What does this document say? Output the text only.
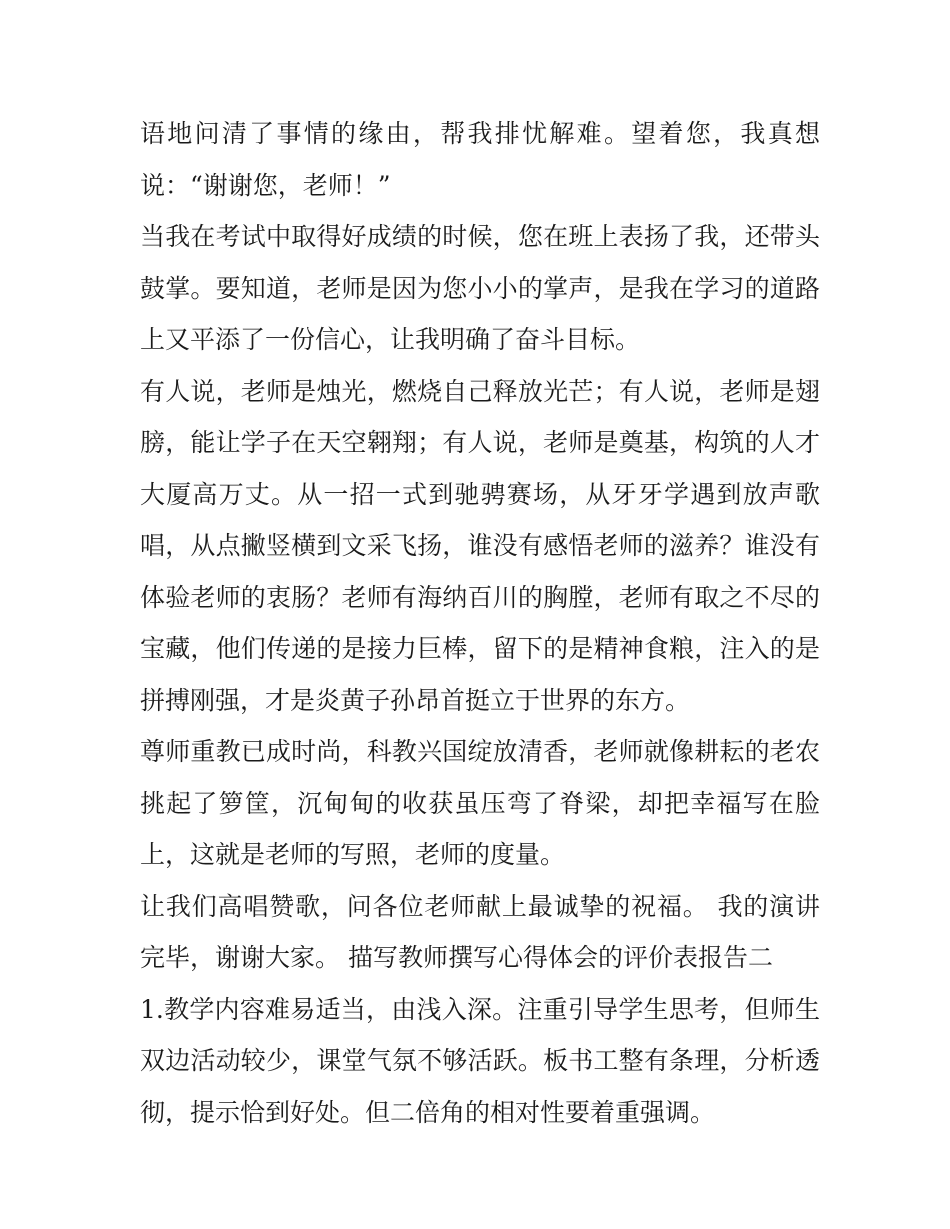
语地问清了事情的缘由，帮我排忧解难。望着您，我真想说：“谢谢您，老师！”

当我在考试中取得好成绩的时候，您在班上表扬了我，还带头鼓掌。要知道，老师是因为您小小的掌声，是我在学习的道路上又平添了一份信心，让我明确了奋斗目标。

有人说，老师是烛光，燃烧自己释放光芒；有人说，老师是翅膀，能让学子在天空翱翔；有人说，老师是奠基，构筑的人才大厦高万丈。从一招一式到驰骋赛场，从牙牙学遇到放声歌唱，从点撇竖横到文采飞扬，谁没有感悟老师的滋养？谁没有体验老师的衷肠？老师有海纳百川的胸膛，老师有取之不尽的宝藏，他们传递的是接力巨棒，留下的是精神食粮，注入的是拼搏刚强，才是炎黄子孙昂首挺立于世界的东方。

尊师重教已成时尚，科教兴国绽放清香，老师就像耕耘的老农挑起了箩筐，沉甸甸的收获虽压弯了脊梁，却把幸福写在脸上，这就是老师的写照，老师的度量。

让我们高唱赞歌，问各位老师献上最诚挚的祝福。 我的演讲完毕，谢谢大家。 描写教师撰写心得体会的评价表报告二

1.教学内容难易适当，由浅入深。注重引导学生思考，但师生双边活动较少，课堂气氛不够活跃。板书工整有条理，分析透彻，提示恰到好处。但二倍角的相对性要着重强调。
